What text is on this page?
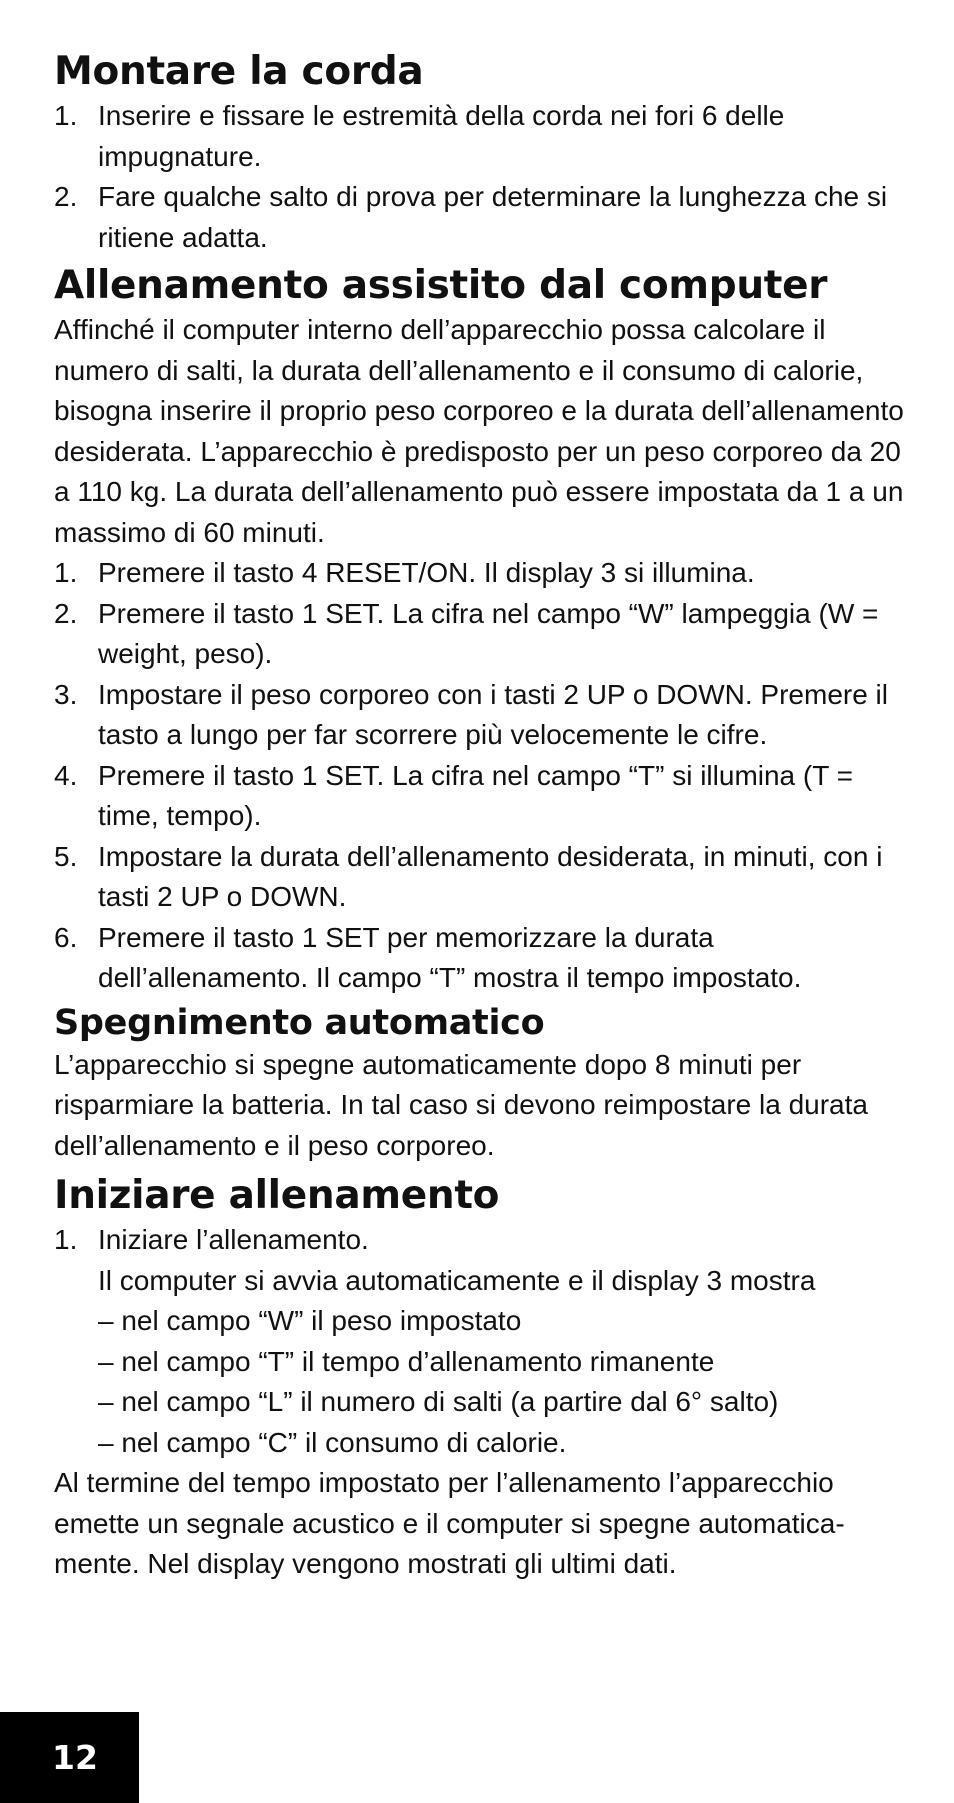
Montare la corda
1. Inserire e fissare le estremità della corda nei fori 6 delle impugnature.
2. Fare qualche salto di prova per determinare la lunghezza che si ritiene adatta.
Allenamento assistito dal computer

Affinché il computer interno dell’apparecchio possa calcolare il numero di salti, la durata dell’allenamento e il consumo di calorie, bisogna inserire il proprio peso corporeo e la durata dell’allenamento desiderata. L’apparecchio è predisposto per un peso corporeo da 20 a 110 kg. La durata dell’allenamento può essere impostata da 1 a un massimo di 60 minuti.

1. Premere il tasto 4 RESET/ON. Il display 3 si illumina.
2. Premere il tasto 1 SET. La cifra nel campo “W” lampeggia (W = weight, peso).
3. Impostare il peso corporeo con i tasti 2 UP o DOWN. Premere il tasto a lungo per far scorrere più velocemente le cifre.
4. Premere il tasto 1 SET. La cifra nel campo “T” si illumina (T = time, tempo).
5. Impostare la durata dell’allenamento desiderata, in minuti, con i tasti 2 UP o DOWN.
6. Premere il tasto 1 SET per memorizzare la durata dell’allenamento. Il campo “T” mostra il tempo impostato.
Spegnimento automatico

L’apparecchio si spegne automaticamente dopo 8 minuti per risparmiare la batteria. In tal caso si devono reimpostare la durata dell’allenamento e il peso corporeo.

Iniziare allenamento
1. Iniziare l’allenamento.
Il computer si avvia automaticamente e il display 3 mostra
– nel campo “W” il peso impostato
– nel campo “T” il tempo d’allenamento rimanente
– nel campo “L” il numero di salti (a partire dal 6° salto)
– nel campo “C” il consumo di calorie.

Al termine del tempo impostato per l’allenamento l’apparecchio emette un segnale acustico e il computer si spegne automatica-mente. Nel display vengono mostrati gli ultimi dati.

12
